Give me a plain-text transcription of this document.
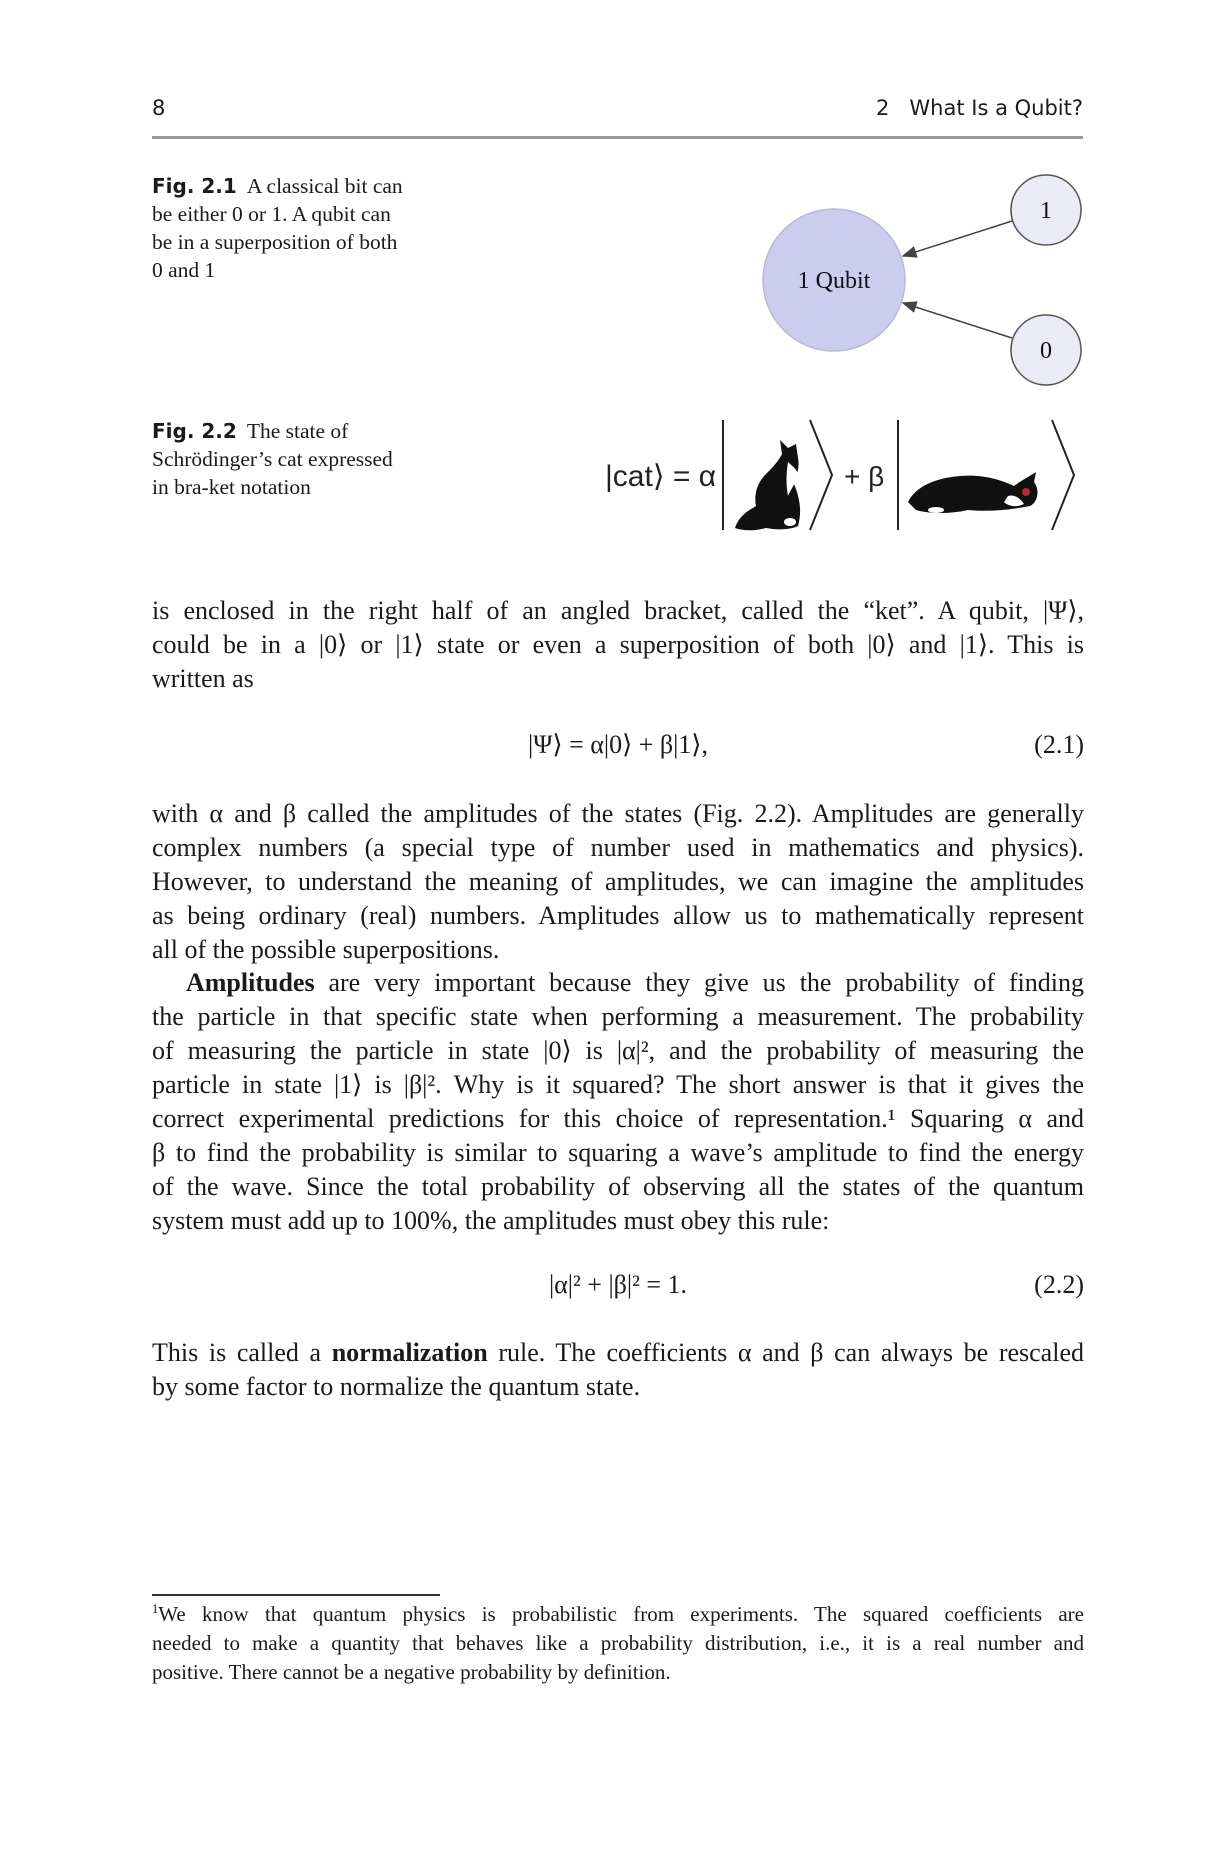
8	2   What Is a Qubit?
Fig. 2.1 A classical bit can
be either 0 or 1. A qubit can
be in a superposition of both
0 and 1	1 Qubit
1
0
Fig. 2.2 The state of
Schrödinger’s cat expressed
in bra-ket notation	|cat⟩ = α	+ β
is enclosed in the right half of an angled bracket, called the “ket”. A qubit, |Ψ⟩,
could be in a |0⟩ or |1⟩ state or even a superposition of both |0⟩ and |1⟩. This is
written as
|Ψ⟩ = α|0⟩ + β|1⟩,	(2.1)
with α and β called the amplitudes of the states (Fig. 2.2). Amplitudes are generally
complex numbers (a special type of number used in mathematics and physics).
However, to understand the meaning of amplitudes, we can imagine the amplitudes
as being ordinary (real) numbers. Amplitudes allow us to mathematically represent
all of the possible superpositions.
Amplitudes are very important because they give us the probability of finding
the particle in that specific state when performing a measurement. The probability
of measuring the particle in state |0⟩ is |α|², and the probability of measuring the
particle in state |1⟩ is |β|². Why is it squared? The short answer is that it gives the
correct experimental predictions for this choice of representation.¹ Squaring α and
β to find the probability is similar to squaring a wave’s amplitude to find the energy
of the wave. Since the total probability of observing all the states of the quantum
system must add up to 100%, the amplitudes must obey this rule:
|α|² + |β|² = 1.	(2.2)
This is called a normalization rule. The coefficients α and β can always be rescaled
by some factor to normalize the quantum state.
$^1$We know that quantum physics is probabilistic from experiments. The squared coefficients are
needed to make a quantity that behaves like a probability distribution, i.e., it is a real number and
positive. There cannot be a negative probability by definition.
